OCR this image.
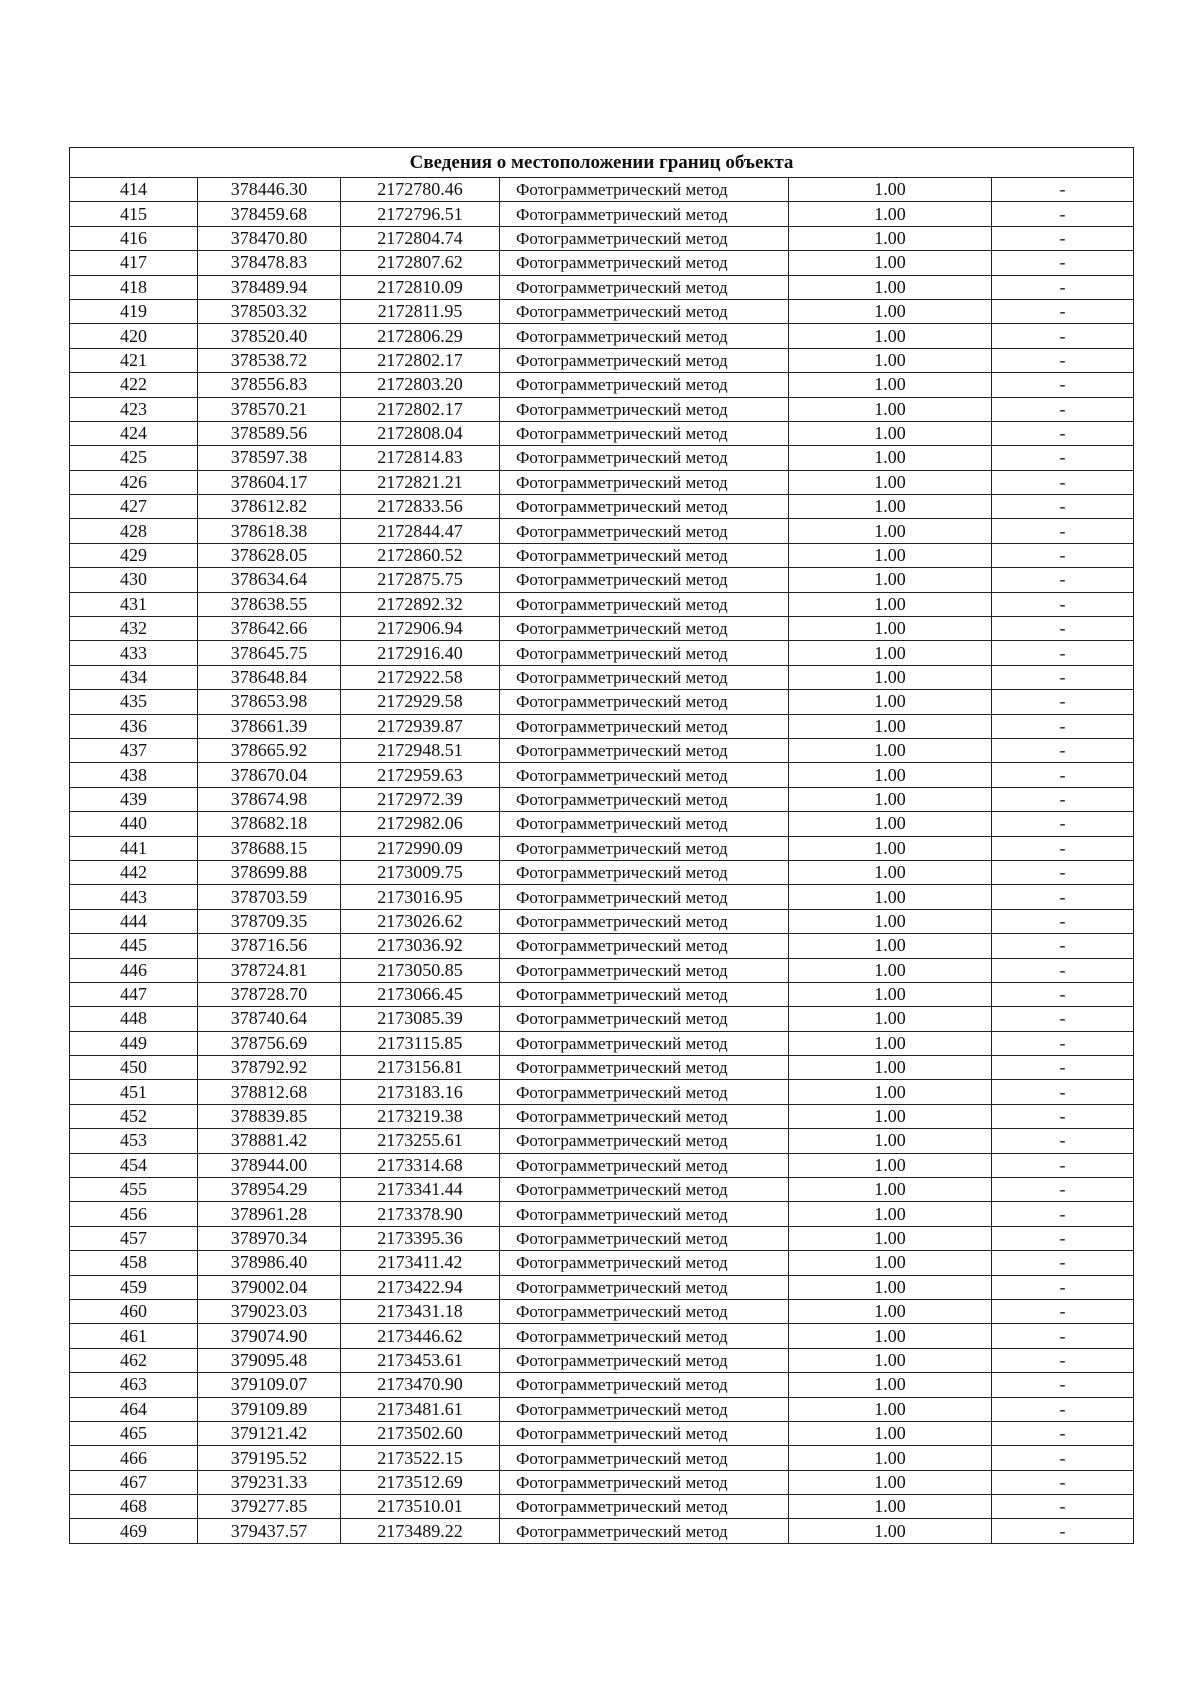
Сведения о местоположении границ объекта					
414	378446.30	2172780.46	Фотограмметрический метод	1.00	-
415	378459.68	2172796.51	Фотограмметрический метод	1.00	-
416	378470.80	2172804.74	Фотограмметрический метод	1.00	-
417	378478.83	2172807.62	Фотограмметрический метод	1.00	-
418	378489.94	2172810.09	Фотограмметрический метод	1.00	-
419	378503.32	2172811.95	Фотограмметрический метод	1.00	-
420	378520.40	2172806.29	Фотограмметрический метод	1.00	-
421	378538.72	2172802.17	Фотограмметрический метод	1.00	-
422	378556.83	2172803.20	Фотограмметрический метод	1.00	-
423	378570.21	2172802.17	Фотограмметрический метод	1.00	-
424	378589.56	2172808.04	Фотограмметрический метод	1.00	-
425	378597.38	2172814.83	Фотограмметрический метод	1.00	-
426	378604.17	2172821.21	Фотограмметрический метод	1.00	-
427	378612.82	2172833.56	Фотограмметрический метод	1.00	-
428	378618.38	2172844.47	Фотограмметрический метод	1.00	-
429	378628.05	2172860.52	Фотограмметрический метод	1.00	-
430	378634.64	2172875.75	Фотограмметрический метод	1.00	-
431	378638.55	2172892.32	Фотограмметрический метод	1.00	-
432	378642.66	2172906.94	Фотограмметрический метод	1.00	-
433	378645.75	2172916.40	Фотограмметрический метод	1.00	-
434	378648.84	2172922.58	Фотограмметрический метод	1.00	-
435	378653.98	2172929.58	Фотограмметрический метод	1.00	-
436	378661.39	2172939.87	Фотограмметрический метод	1.00	-
437	378665.92	2172948.51	Фотограмметрический метод	1.00	-
438	378670.04	2172959.63	Фотограмметрический метод	1.00	-
439	378674.98	2172972.39	Фотограмметрический метод	1.00	-
440	378682.18	2172982.06	Фотограмметрический метод	1.00	-
441	378688.15	2172990.09	Фотограмметрический метод	1.00	-
442	378699.88	2173009.75	Фотограмметрический метод	1.00	-
443	378703.59	2173016.95	Фотограмметрический метод	1.00	-
444	378709.35	2173026.62	Фотограмметрический метод	1.00	-
445	378716.56	2173036.92	Фотограмметрический метод	1.00	-
446	378724.81	2173050.85	Фотограмметрический метод	1.00	-
447	378728.70	2173066.45	Фотограмметрический метод	1.00	-
448	378740.64	2173085.39	Фотограмметрический метод	1.00	-
449	378756.69	2173115.85	Фотограмметрический метод	1.00	-
450	378792.92	2173156.81	Фотограмметрический метод	1.00	-
451	378812.68	2173183.16	Фотограмметрический метод	1.00	-
452	378839.85	2173219.38	Фотограмметрический метод	1.00	-
453	378881.42	2173255.61	Фотограмметрический метод	1.00	-
454	378944.00	2173314.68	Фотограмметрический метод	1.00	-
455	378954.29	2173341.44	Фотограмметрический метод	1.00	-
456	378961.28	2173378.90	Фотограмметрический метод	1.00	-
457	378970.34	2173395.36	Фотограмметрический метод	1.00	-
458	378986.40	2173411.42	Фотограмметрический метод	1.00	-
459	379002.04	2173422.94	Фотограмметрический метод	1.00	-
460	379023.03	2173431.18	Фотограмметрический метод	1.00	-
461	379074.90	2173446.62	Фотограмметрический метод	1.00	-
462	379095.48	2173453.61	Фотограмметрический метод	1.00	-
463	379109.07	2173470.90	Фотограмметрический метод	1.00	-
464	379109.89	2173481.61	Фотограмметрический метод	1.00	-
465	379121.42	2173502.60	Фотограмметрический метод	1.00	-
466	379195.52	2173522.15	Фотограмметрический метод	1.00	-
467	379231.33	2173512.69	Фотограмметрический метод	1.00	-
468	379277.85	2173510.01	Фотограмметрический метод	1.00	-
469	379437.57	2173489.22	Фотограмметрический метод	1.00	-
